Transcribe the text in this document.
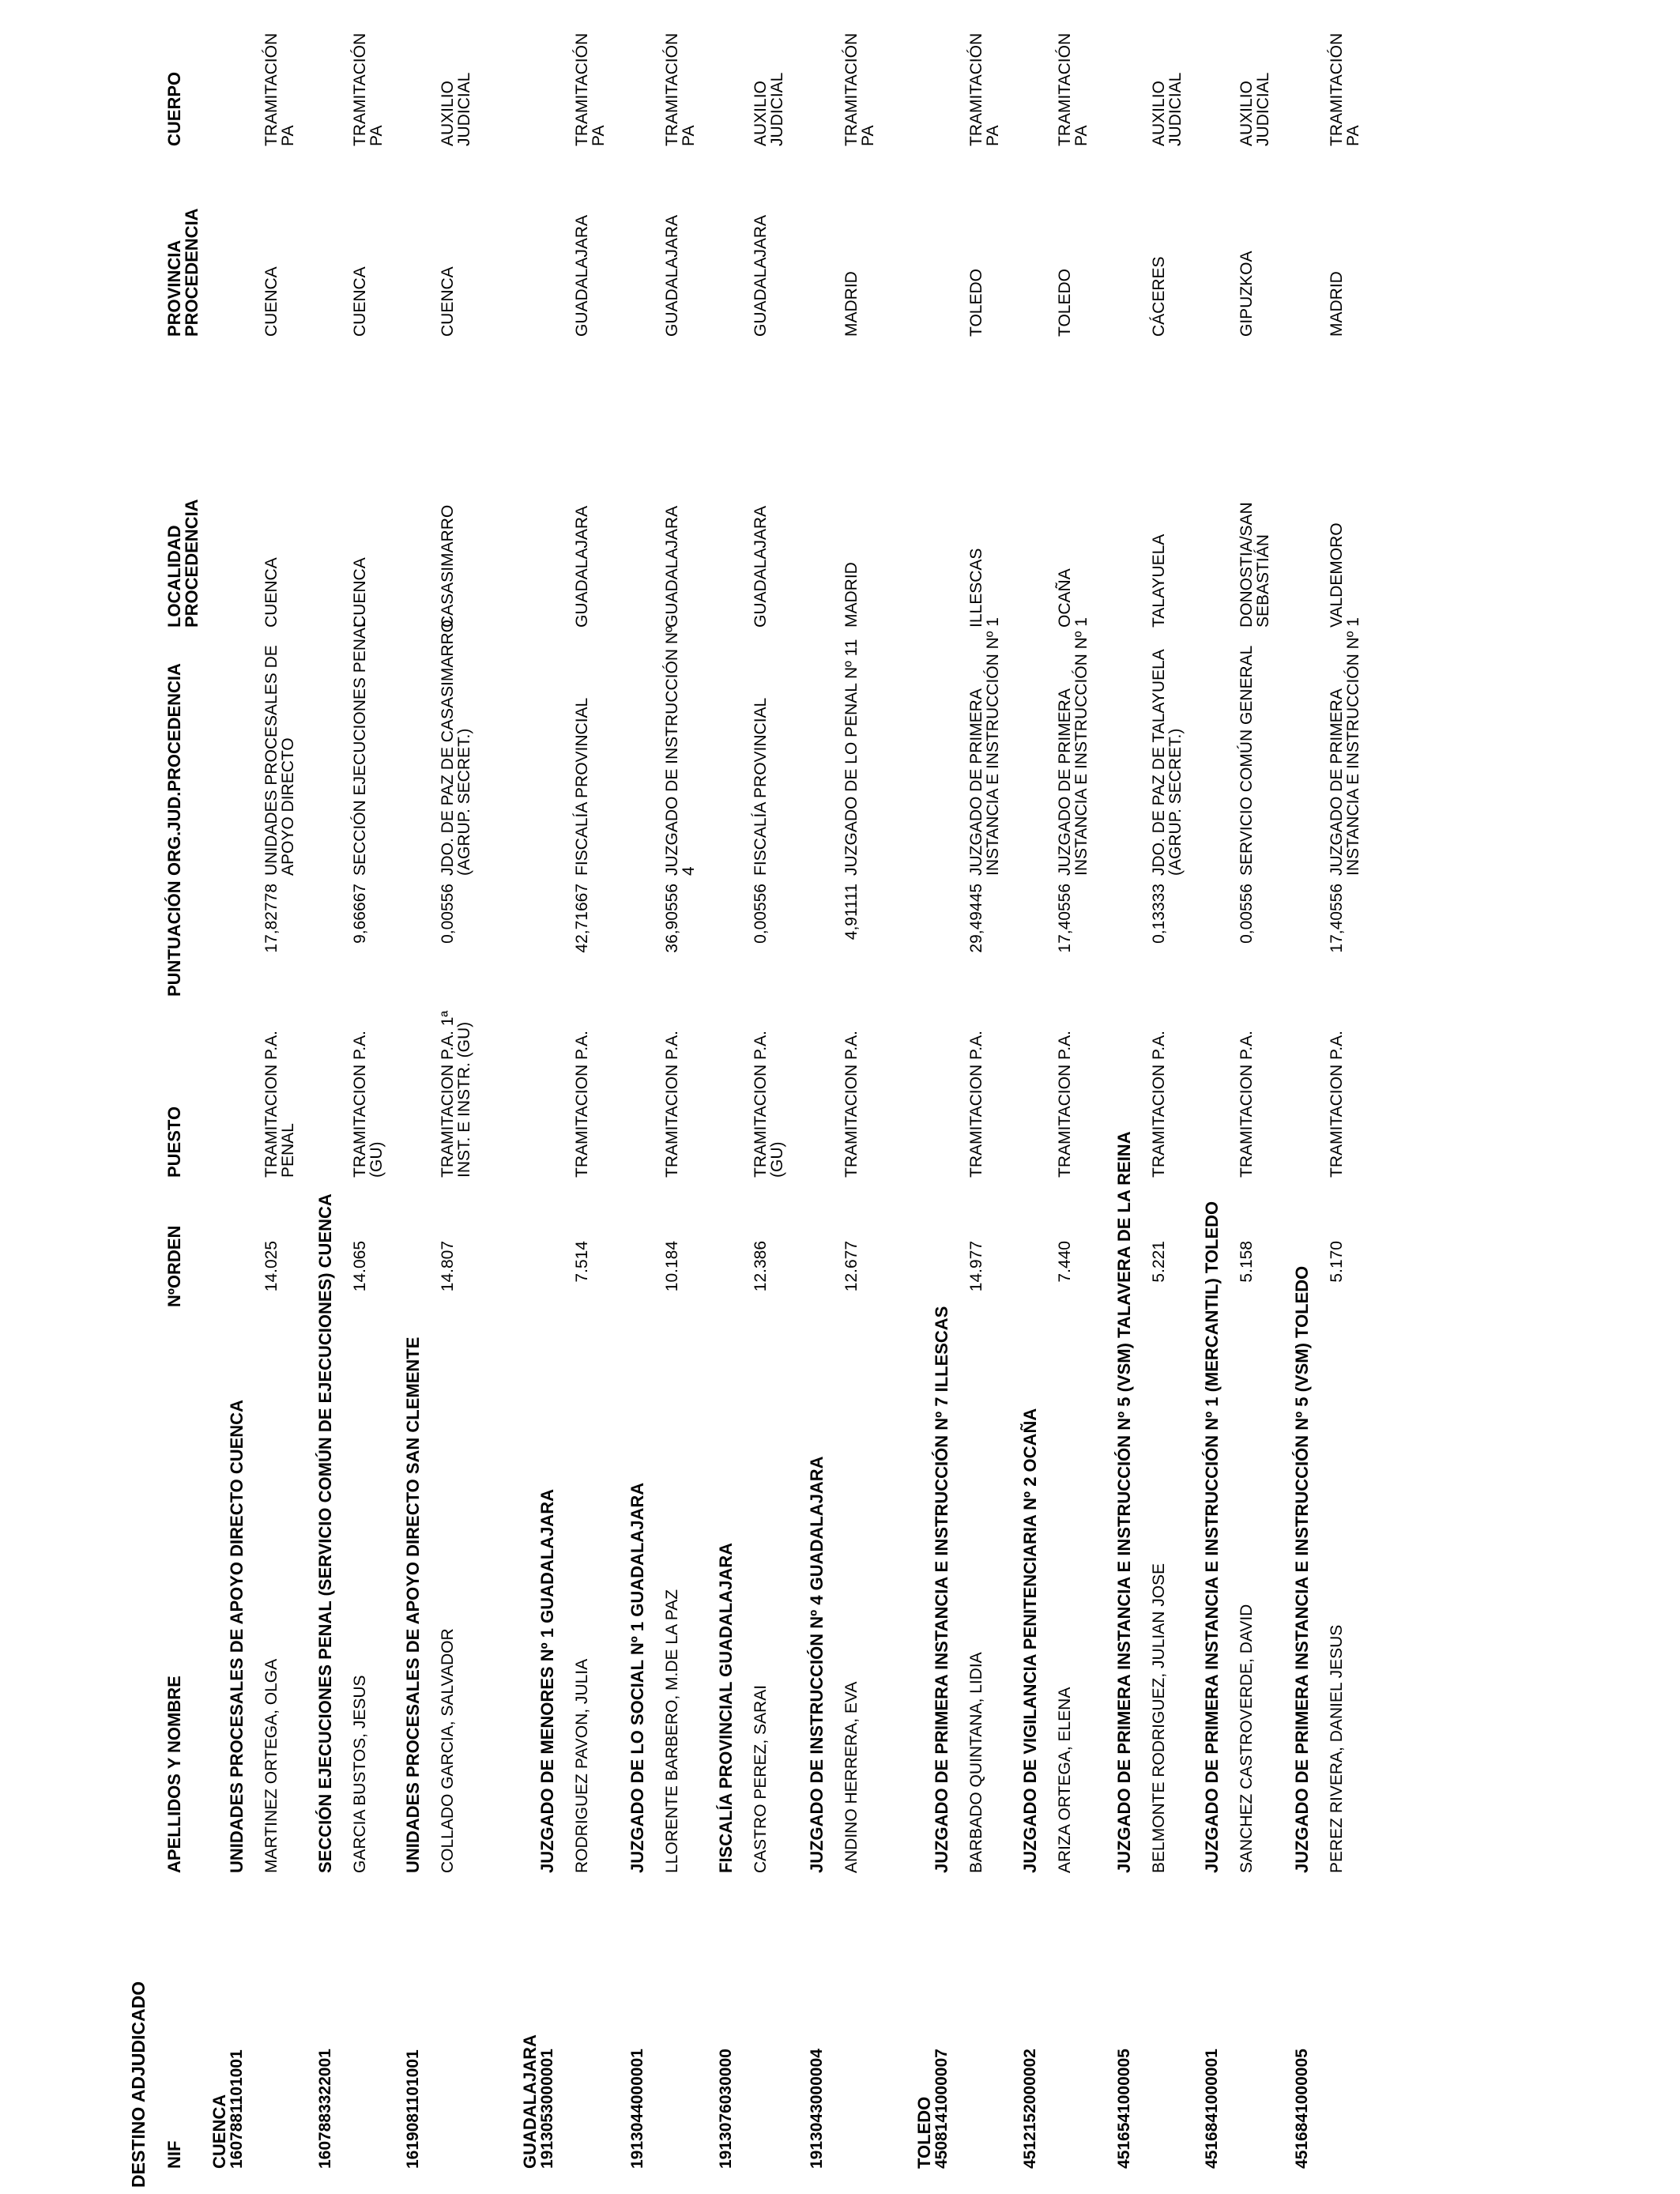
DESTINO ADJUDICADO NIF
APELLIDOS Y NOMBRE
NºORDEN
PUESTO
PUNTUACIÓN
ORG.JUD.PROCEDENCIA
LOCALIDAD
PROCEDENCIA
PROVINCIA
PROCEDENCIA
CUERPO
CUENCA	GUADALAJARA	TOLEDO
1607881101001
UNIDADES PROCESALES DE APOYO DIRECTO CUENCA MARTINEZ ORTEGA, OLGA
14.025
TRAMITACION P.A.
PENAL
17,82778
UNIDADES PROCESALES DE
APOYO DIRECTO
CUENCA
CUENCA
TRAMITACIÓN
PA
1607883322001
SECCIÓN EJECUCIONES PENAL (SERVICIO COMÚN DE EJECUCIONES) CUENCA GARCIA BUSTOS, JESUS
14.065
TRAMITACION P.A.
(GU)
9,66667
SECCIÓN EJECUCIONES PENAL
CUENCA
CUENCA
TRAMITACIÓN
PA
1619081101001
UNIDADES PROCESALES DE APOYO DIRECTO SAN CLEMENTE COLLADO GARCIA, SALVADOR
14.807
TRAMITACION P.A. 1ª
INST. E INSTR. (GU)
0,00556
JDO. DE PAZ DE CASASIMARRO
(AGRUP. SECRET.)
CASASIMARRO
CUENCA
AUXILIO
JUDICIAL
1913053000001
JUZGADO DE MENORES Nº 1 GUADALAJARA RODRIGUEZ PAVON, JULIA
7.514
TRAMITACION P.A.
42,71667
FISCALÍA PROVINCIAL
GUADALAJARA
GUADALAJARA
TRAMITACIÓN
PA
1913044000001
JUZGADO DE LO SOCIAL Nº 1 GUADALAJARA LLORENTE BARBERO, M.DE LA PAZ
10.184
TRAMITACION P.A.
36,90556
JUZGADO DE INSTRUCCIÓN Nº
4
GUADALAJARA
GUADALAJARA
TRAMITACIÓN
PA
1913076030000
FISCALÍA PROVINCIAL GUADALAJARA CASTRO PEREZ, SARAI
12.386
TRAMITACION P.A.
(GU)
0,00556
FISCALÍA PROVINCIAL
GUADALAJARA
GUADALAJARA
AUXILIO
JUDICIAL
1913043000004
JUZGADO DE INSTRUCCIÓN Nº 4 GUADALAJARA ANDINO HERRERA, EVA
12.677
TRAMITACION P.A.
4,91111
JUZGADO DE LO PENAL Nº 11
MADRID
MADRID
TRAMITACIÓN
PA
4508141000007
JUZGADO DE PRIMERA INSTANCIA E INSTRUCCIÓN Nº 7 ILLESCAS BARBADO QUINTANA, LIDIA
14.977
TRAMITACION P.A.
29,49445
JUZGADO DE PRIMERA
INSTANCIA E INSTRUCCIÓN Nº 1
ILLESCAS
TOLEDO
TRAMITACIÓN
PA
4512152000002
JUZGADO DE VIGILANCIA PENITENCIARIA Nº 2 OCAÑA ARIZA ORTEGA, ELENA
7.440
TRAMITACION P.A.
17,40556
JUZGADO DE PRIMERA
INSTANCIA E INSTRUCCIÓN Nº 1
OCAÑA
TOLEDO
TRAMITACIÓN
PA
4516541000005
JUZGADO DE PRIMERA INSTANCIA E INSTRUCCIÓN Nº 5 (VSM) TALAVERA DE LA REINA BELMONTE RODRIGUEZ, JULIAN JOSE
5.221
TRAMITACION P.A.
0,13333
JDO. DE PAZ DE TALAYUELA
(AGRUP. SECRET.)
TALAYUELA
CÁCERES
AUXILIO
JUDICIAL
4516841000001
JUZGADO DE PRIMERA INSTANCIA E INSTRUCCIÓN Nº 1 (MERCANTIL) TOLEDO SANCHEZ CASTROVERDE, DAVID
5.158
TRAMITACION P.A.
0,00556
SERVICIO COMÚN GENERAL
DONOSTIA/SAN
SEBASTIÁN
GIPUZKOA
AUXILIO
JUDICIAL
4516841000005
JUZGADO DE PRIMERA INSTANCIA E INSTRUCCIÓN Nº 5 (VSM) TOLEDO PEREZ RIVERA, DANIEL JESUS
5.170
TRAMITACION P.A.
17,40556
JUZGADO DE PRIMERA
INSTANCIA E INSTRUCCIÓN Nº 1
VALDEMORO
MADRID
TRAMITACIÓN
PA
